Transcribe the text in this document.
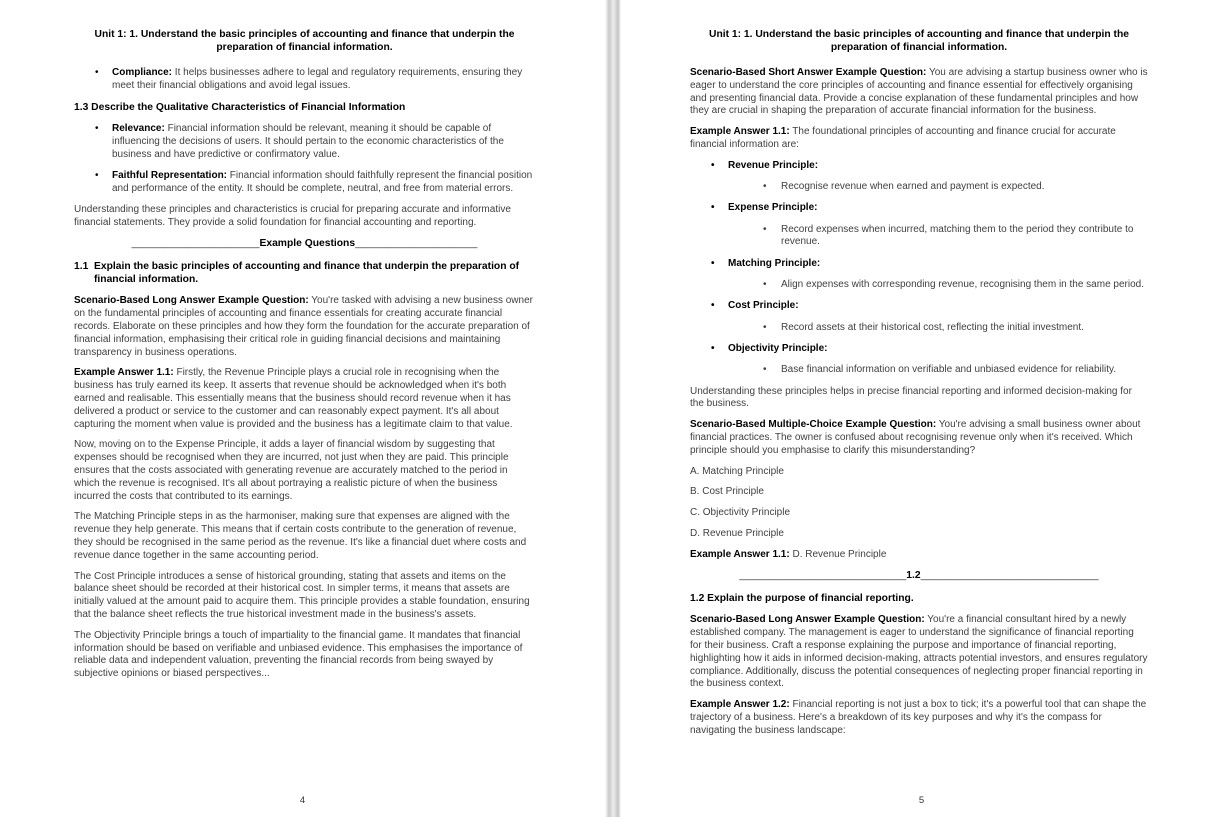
Unit 1: 1. Understand the basic principles of accounting and finance that underpin the preparation of financial information.
• Compliance: It helps businesses adhere to legal and regulatory requirements, ensuring they meet their financial obligations and avoid legal issues.
1.3 Describe the Qualitative Characteristics of Financial Information
• Relevance: Financial information should be relevant, meaning it should be capable of influencing the decisions of users. It should pertain to the economic characteristics of the business and have predictive or confirmatory value.
• Faithful Representation: Financial information should faithfully represent the financial position and performance of the entity. It should be complete, neutral, and free from material errors.

Understanding these principles and characteristics is crucial for preparing accurate and informative financial statements. They provide a solid foundation for financial accounting and reporting.

_______________________Example Questions______________________

1.1 Explain the basic principles of accounting and finance that underpin the preparation of financial information.

Scenario-Based Long Answer Example Question: You're tasked with advising a new business owner on the fundamental principles of accounting and finance essentials for creating accurate financial records. Elaborate on these principles and how they form the foundation for the accurate preparation of financial information, emphasising their critical role in guiding financial decisions and maintaining transparency in business operations.

Example Answer 1.1: Firstly, the Revenue Principle plays a crucial role in recognising when the business has truly earned its keep. It asserts that revenue should be acknowledged when it's both earned and realisable. This essentially means that the business should record revenue when it has delivered a product or service to the customer and can reasonably expect payment. It's all about capturing the moment when value is provided and the business has a legitimate claim to that value.

Now, moving on to the Expense Principle, it adds a layer of financial wisdom by suggesting that expenses should be recognised when they are incurred, not just when they are paid. This principle ensures that the costs associated with generating revenue are accurately matched to the period in which the revenue is recognised. It's all about portraying a realistic picture of when the business incurred the costs that contributed to its earnings.

The Matching Principle steps in as the harmoniser, making sure that expenses are aligned with the revenue they help generate. This means that if certain costs contribute to the generation of revenue, they should be recognised in the same period as the revenue. It's like a financial duet where costs and revenue dance together in the same accounting period.

The Cost Principle introduces a sense of historical grounding, stating that assets and items on the balance sheet should be recorded at their historical cost. In simpler terms, it means that assets are initially valued at the amount paid to acquire them. This principle provides a stable foundation, ensuring that the balance sheet reflects the true historical investment made in the business's assets.

The Objectivity Principle brings a touch of impartiality to the financial game. It mandates that financial information should be based on verifiable and unbiased evidence. This emphasises the importance of reliable data and independent valuation, preventing the financial records from being swayed by subjective opinions or biased perspectives...

4
Unit 1: 1. Understand the basic principles of accounting and finance that underpin the preparation of financial information.

Scenario-Based Short Answer Example Question: You are advising a startup business owner who is eager to understand the core principles of accounting and finance essential for effectively organising and presenting financial data. Provide a concise explanation of these fundamental principles and how they are crucial in shaping the preparation of accurate financial information for the business.

Example Answer 1.1: The foundational principles of accounting and finance crucial for accurate financial information are:

• Revenue Principle:
• Recognise revenue when earned and payment is expected.
• Expense Principle:
• Record expenses when incurred, matching them to the period they contribute to revenue.
• Matching Principle:
• Align expenses with corresponding revenue, recognising them in the same period.
• Cost Principle:
• Record assets at their historical cost, reflecting the initial investment.
• Objectivity Principle:
• Base financial information on verifiable and unbiased evidence for reliability.

Understanding these principles helps in precise financial reporting and informed decision-making for the business.

Scenario-Based Multiple-Choice Example Question: You're advising a small business owner about financial practices. The owner is confused about recognising revenue only when it's received. Which principle should you emphasise to clarify this misunderstanding?

A. Matching Principle

B. Cost Principle

C. Objectivity Principle

D. Revenue Principle

Example Answer 1.1: D. Revenue Principle

______________________________1.2________________________________

1.2 Explain the purpose of financial reporting.

Scenario-Based Long Answer Example Question: You're a financial consultant hired by a newly established company. The management is eager to understand the significance of financial reporting for their business. Craft a response explaining the purpose and importance of financial reporting, highlighting how it aids in informed decision-making, attracts potential investors, and ensures regulatory compliance. Additionally, discuss the potential consequences of neglecting proper financial reporting in the business context.

Example Answer 1.2: Financial reporting is not just a box to tick; it's a powerful tool that can shape the trajectory of a business. Here's a breakdown of its key purposes and why it's the compass for navigating the business landscape:

5
